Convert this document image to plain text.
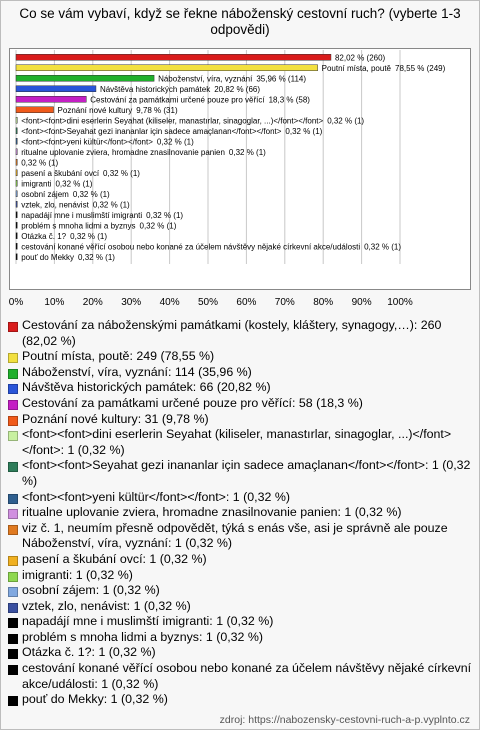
Co se vám vybaví, když se řekne náboženský cestovní ruch? (vyberte 1-3 odpovědi)
0% 10% 20% 30% 40% 50% 60% 70% 80% 90% 100%
82,02 % (260)
Poutní místa, poutě 78,55 % (249)
Náboženství, víra, vyznání 35,96 % (114)
Návštěva historických památek 20,82 % (66)
Cestování za památkami určené pouze pro věřící 18,3 % (58)
Poznání nové kultury 9,78 % (31)
<font><font>dini eserlerin Seyahat (kiliseler, manastırlar, sinagoglar, ...)</font></font> 0,32 % (1)
<font><font>Seyahat gezi inananlar için sadece amaçlanan</font></font> 0,32 % (1)
<font><font>yeni kültür</font></font> 0,32 % (1)
ritualne uplovanie zviera, hromadne znasilnovanie panien 0,32 % (1)
0,32 % (1)
pasení a škubání ovcí 0,32 % (1)
imigranti 0,32 % (1)
osobní zájem 0,32 % (1)
vztek, zlo, nenávist 0,32 % (1)
napadájí mne i muslimští imigranti 0,32 % (1)
problém s mnoha lidmi a byznys 0,32 % (1)
Otázka č. 1? 0,32 % (1)
cestování konané věřící osobou nebo konané za účelem návštěvy nějaké církevní akce/události 0,32 % (1)
pouť do Mekky 0,32 % (1)
Cestování za náboženskými památkami (kostely, kláštery, synagogy,…): 260 (82,02 %)
Poutní místa, poutě: 249 (78,55 %)
Náboženství, víra, vyznání: 114 (35,96 %)
Návštěva historických památek: 66 (20,82 %)
Cestování za památkami určené pouze pro věřící: 58 (18,3 %)
Poznání nové kultury: 31 (9,78 %)
<font><font>dini eserlerin Seyahat (kiliseler, manastırlar, sinagoglar, ...)</font></font>: 1 (0,32 %)
<font><font>Seyahat gezi inananlar için sadece amaçlanan</font></font>: 1 (0,32 %)
<font><font>yeni kültür</font></font>: 1 (0,32 %)
ritualne uplovanie zviera, hromadne znasilnovanie panien: 1 (0,32 %)
viz č. 1, neumím přesně odpovědět, týká s enás vše, asi je správně ale pouze Náboženství, víra, vyznání: 1 (0,32 %)
pasení a škubání ovcí: 1 (0,32 %)
imigranti: 1 (0,32 %)
osobní zájem: 1 (0,32 %)
vztek, zlo, nenávist: 1 (0,32 %)
napadájí mne i muslimští imigranti: 1 (0,32 %)
problém s mnoha lidmi a byznys: 1 (0,32 %)
Otázka č. 1?: 1 (0,32 %)
cestování konané věřící osobou nebo konané za účelem návštěvy nějaké církevní akce/události: 1 (0,32 %)
pouť do Mekky: 1 (0,32 %)
zdroj: https://nabozensky-cestovni-ruch-a-p.vyplnto.cz
